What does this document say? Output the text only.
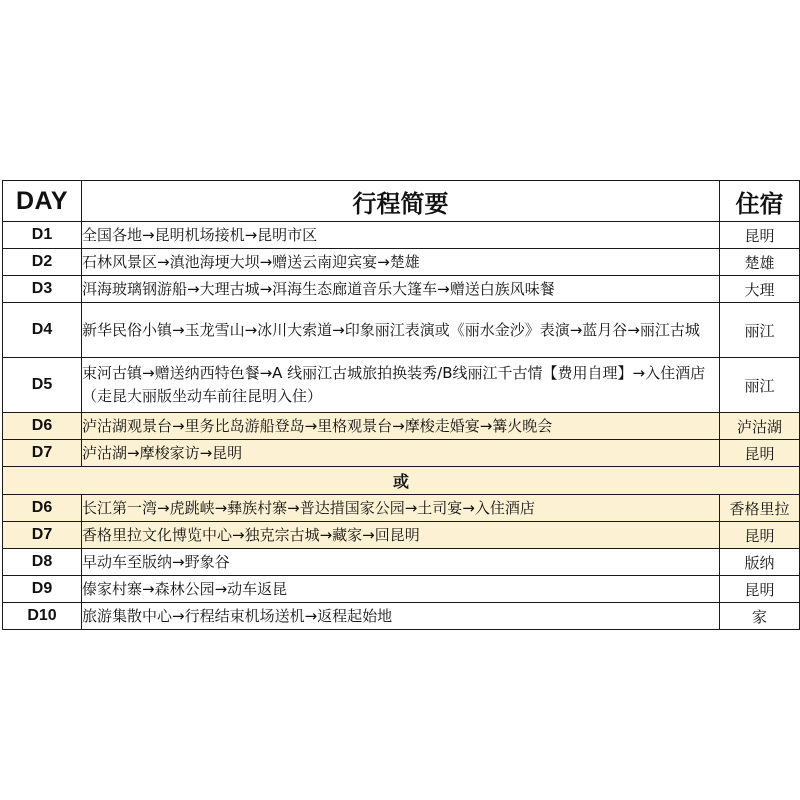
DAY	行程简要	住宿
D1	全国各地→昆明机场接机→昆明市区	昆明
D2	石林风景区→滇池海埂大坝→赠送云南迎宾宴→楚雄	楚雄
D3	洱海玻璃钢游船→大理古城→洱海生态廊道音乐大篷车→赠送白族风味餐	大理
D4	新华民俗小镇→玉龙雪山→冰川大索道→印象丽江表演或《丽水金沙》表演→蓝月谷→丽江古城	丽江
D5	束河古镇→赠送纳西特色餐→A 线丽江古城旅拍换装秀/B线丽江千古情【费用自理】→入住酒店（走昆大丽版坐动车前往昆明入住）	丽江
D6	泸沽湖观景台→里务比岛游船登岛→里格观景台→摩梭走婚宴→篝火晚会	泸沽湖
D7	泸沽湖→摩梭家访→昆明	昆明
或		
D6	长江第一湾→虎跳峡→彝族村寨→普达措国家公园→土司宴→入住酒店	香格里拉
D7	香格里拉文化博览中心→独克宗古城→藏家→回昆明	昆明
D8	早动车至版纳→野象谷	版纳
D9	傣家村寨→森林公园→动车返昆	昆明
D10	旅游集散中心→行程结束机场送机→返程起始地	家
